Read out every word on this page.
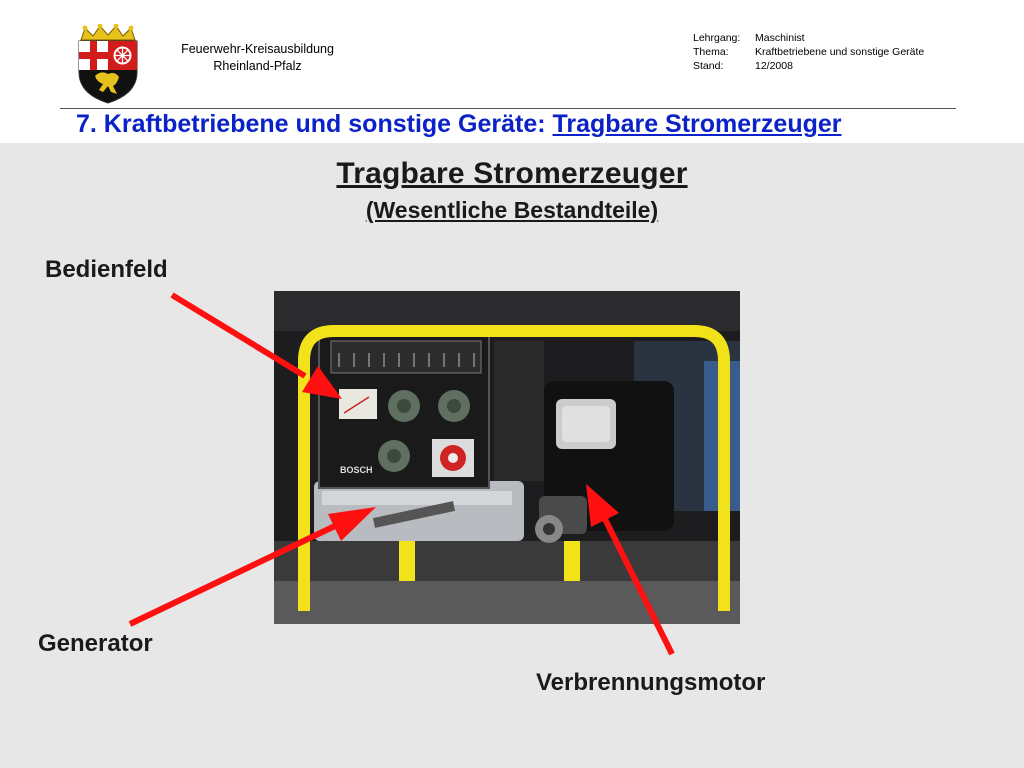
Feuerwehr-Kreisausbildung
Rheinland-Pfalz
Lehrgang: Maschinist
Thema:	Kraftbetriebene und sonstige Geräte
Stand:	12/2008
7. Kraftbetriebene und sonstige Geräte: Tragbare Stromerzeuger
Tragbare Stromerzeuger
(Wesentliche Bestandteile)
Bedienfeld
Generator
Verbrennungsmotor
BOSCH
